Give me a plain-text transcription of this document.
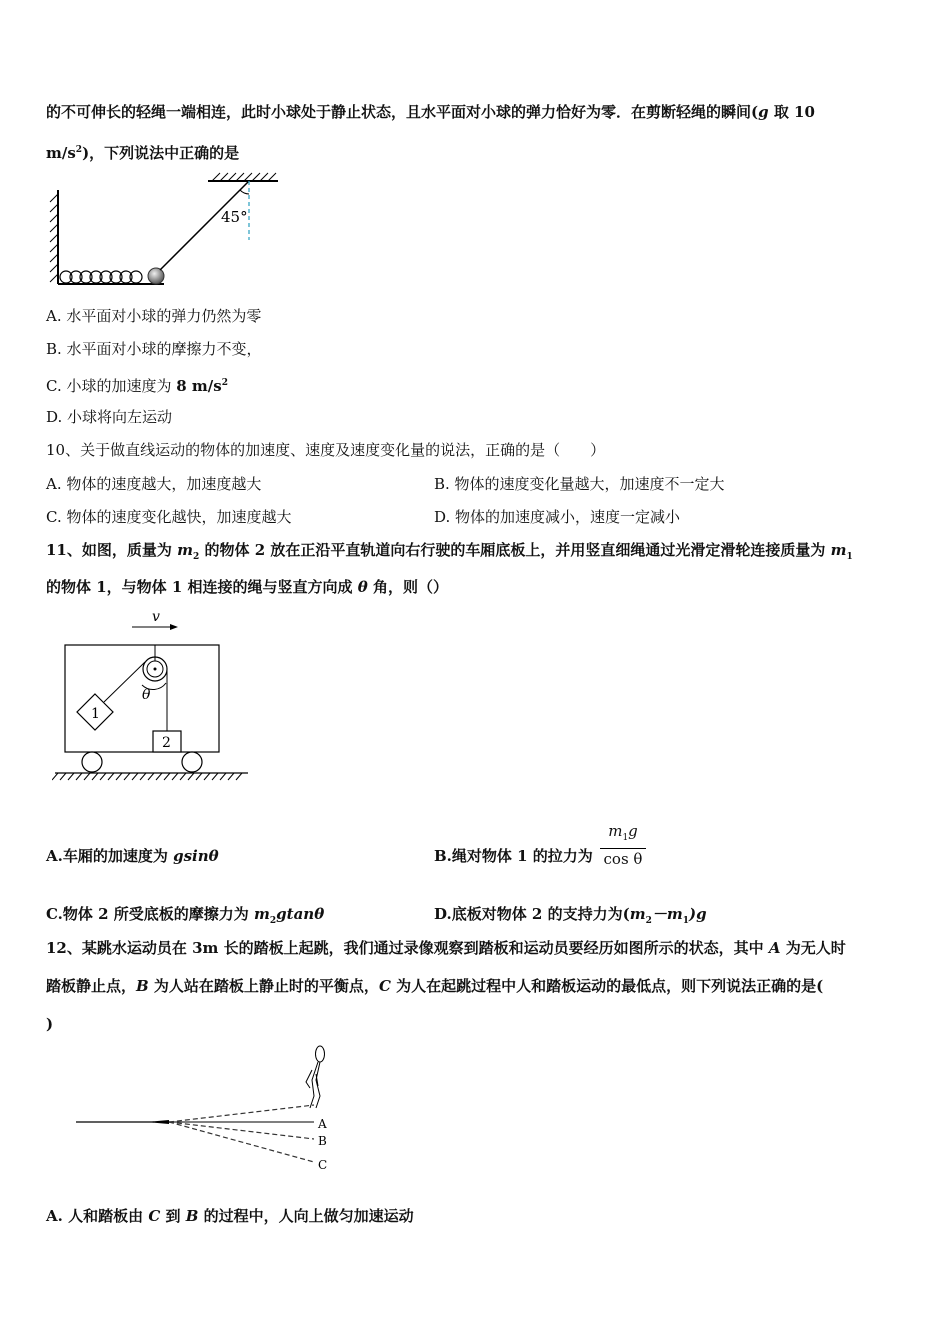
的不可伸长的轻绳一端相连，此时小球处于静止状态，且水平面对小球的弹力恰好为零．在剪断轻绳的瞬间(g 取 10
$m/s^2$)，下列说法中正确的是
45°
A. 水平面对小球的弹力仍然为零
B. 水平面对小球的摩擦力不变，
C. 小球的加速度为 8 $m/s^2$
D. 小球将向左运动
10、关于做直线运动的物体的加速度、速度及速度变化量的说法，正确的是（　　）
A. 物体的速度越大，加速度越大	B. 物体的速度变化量越大，加速度不一定大
C. 物体的速度变化越快，加速度越大	D. 物体的加速度减小，速度一定减小
11、如图，质量为 $m_2$ 的物体 2 放在正沿平直轨道向右行驶的车厢底板上，并用竖直细绳通过光滑定滑轮连接质量为 $m_1$
的物体 1，与物体 1 相连接的绳与竖直方向成 θ 角，则（）
v
θ
1
2
A.车厢的加速度为 gsinθ	B.绳对物体 1 的拉力为 $\frac{m_1g}{\text{cos θ}}$
C.物体 2 所受底板的摩擦力为 $m_2gtan\theta$	D.底板对物体 2 的支持力为$(m_2-m_1)g$
12、某跳水运动员在 3m 长的踏板上起跳，我们通过录像观察到踏板和运动员要经历如图所示的状态，其中 A 为无人时
踏板静止点，B 为人站在踏板上静止时的平衡点，C 为人在起跳过程中人和踏板运动的最低点，则下列说法正确的是(
)
A
B
C
A. 人和踏板由 C 到 B 的过程中，人向上做匀加速运动
